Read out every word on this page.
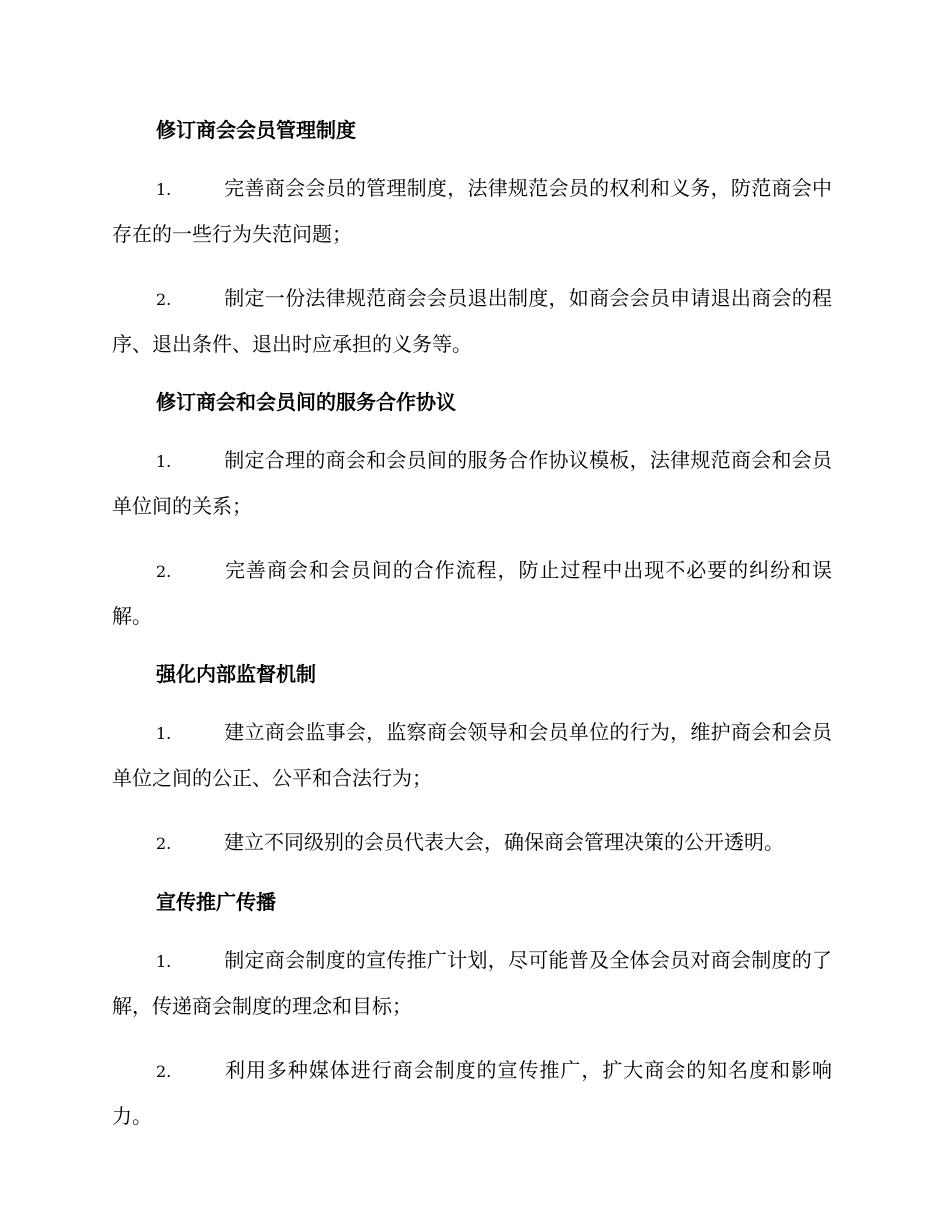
修订商会会员管理制度

1.	完善商会会员的管理制度，法律规范会员的权利和义务，防范商会中存在的一些行为失范问题；

2.	制定一份法律规范商会会员退出制度，如商会会员申请退出商会的程序、退出条件、退出时应承担的义务等。

修订商会和会员间的服务合作协议

1.	制定合理的商会和会员间的服务合作协议模板，法律规范商会和会员单位间的关系；

2.	完善商会和会员间的合作流程，防止过程中出现不必要的纠纷和误解。

强化内部监督机制

1.	建立商会监事会，监察商会领导和会员单位的行为，维护商会和会员单位之间的公正、公平和合法行为；

2.	建立不同级别的会员代表大会，确保商会管理决策的公开透明。

宣传推广传播

1.	制定商会制度的宣传推广计划，尽可能普及全体会员对商会制度的了解，传递商会制度的理念和目标；

2.	利用多种媒体进行商会制度的宣传推广，扩大商会的知名度和影响力。
